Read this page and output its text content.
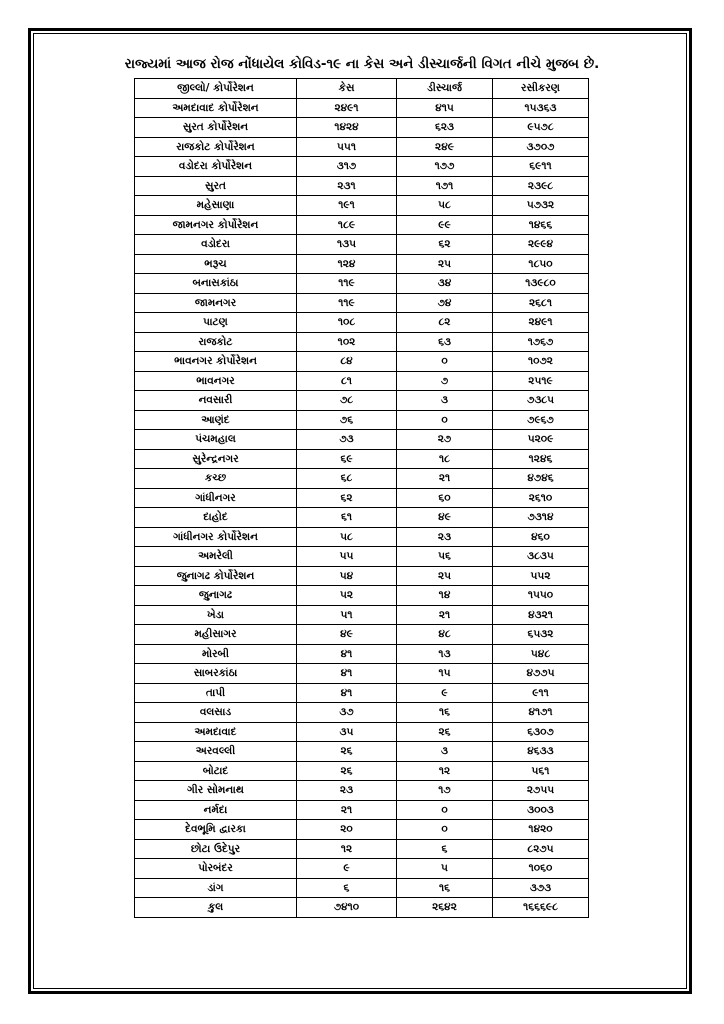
રાજ્યમાં આજ રોજ નોંધાયેલ કોવિડ-૧૯ ના કેસ અને ડીસ્ચાર્જની વિગત નીચે મુજબ છે.
જીલ્લો/ કોર્પોરેશન	કેસ	ડીસ્ચાર્જ	રસીકરણ
અમદાવાદ કોર્પોરેશન	૨૪૯૧	૪૧૫	૧૫૩૬૩
સુરત કોર્પોરેશન	૧૪૨૪	૬૨૩	૯૫૭૮
રાજકોટ કોર્પોરેશન	૫૫૧	૨૪૯	૩૭૦૭
વડોદરા કોર્પોરેશન	૩૧૭	૧૭૭	૬૯૧૧
સુરત	૨૩૧	૧૭૧	૨૩૯૮
મહેસાણા	૧૯૧	૫૮	૫૭૩૨
જામનગર કોર્પોરેશન	૧૮૯	૯૯	૧૪૬૬
વડોદરા	૧૩૫	૬૨	૨૯૯૪
ભરૂચ	૧૨૪	૨૫	૧૮૫૦
બનાસકાંઠા	૧૧૯	૩૪	૧૩૯૮૦
જામનગર	૧૧૯	૭૪	૨૬૮૧
પાટણ	૧૦૮	૮૨	૨૪૯૧
રાજકોટ	૧૦૨	૬૩	૧૭૬૭
ભાવનગર કોર્પોરેશન	૮૪	૦	૧૦૭૨
ભાવનગર	૮૧	૭	૨૫૧૯
નવસારી	૭૮	૩	૭૩૮૫
આણંદ	૭૬	૦	૭૯૬૭
પંચમહાલ	૭૩	૨૭	૫૨૦૯
સુરેન્દ્રનગર	૬૯	૧૮	૧૨૪૬
કચ્છ	૬૮	૨૧	૪૭૪૬
ગાંધીનગર	૬૨	૬૦	૨૬૧૦
દાહોદ	૬૧	૪૯	૭૩૧૪
ગાંધીનગર કોર્પોરેશન	૫૮	૨૩	૪૬૦
અમરેલી	૫૫	૫૬	૩૮૩૫
જુનાગઢ કોર્પોરેશન	૫૪	૨૫	૫૫૨
જુનાગઢ	૫૨	૧૪	૧૫૫૦
ખેડા	૫૧	૨૧	૪૩૨૧
મહીસાગર	૪૯	૪૮	૬૫૩૨
મોરબી	૪૧	૧૩	૫૪૮
સાબરકાંઠા	૪૧	૧૫	૪૭૭૫
તાપી	૪૧	૯	૯૧૧
વલસાડ	૩૭	૧૬	૪૧૭૧
અમદાવાદ	૩૫	૨૬	૬૩૦૭
અરવલ્લી	૨૬	૩	૪૬૩૩
બોટાદ	૨૬	૧૨	૫૬૧
ગીર સોમનાથ	૨૩	૧૭	૨૭૫૫
નર્મદા	૨૧	૦	૩૦૦૩
દેવભૂમિ દ્વારકા	૨૦	૦	૧૪૨૦
છોટા ઉદેપુર	૧૨	૬	૮૨૭૫
પોરબંદર	૯	૫	૧૦૬૦
ડાંગ	૬	૧૬	૩૭૩
કુલ	૭૪૧૦	૨૬૪૨	૧૬૬૬૯૮
